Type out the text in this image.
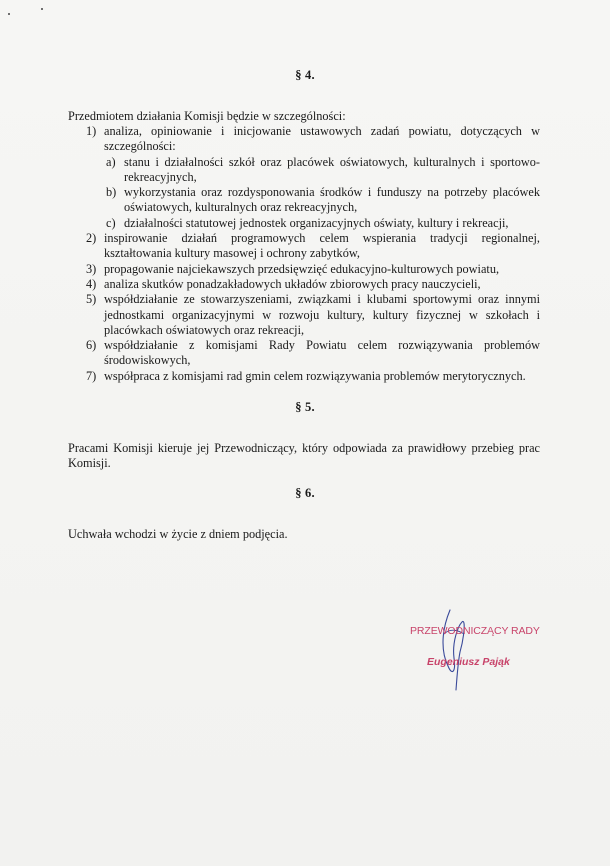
§ 4.
Przedmiotem działania Komisji będzie w szczególności:
1) analiza, opiniowanie i inicjowanie ustawowych zadań powiatu, dotyczących w szczególności:
a) stanu i działalności szkół oraz placówek oświatowych, kulturalnych i sportowo-rekreacyjnych,
b) wykorzystania oraz rozdysponowania środków i funduszy na potrzeby placówek oświatowych, kulturalnych oraz rekreacyjnych,
c) działalności statutowej jednostek organizacyjnych oświaty, kultury i rekreacji,
2) inspirowanie działań programowych celem wspierania tradycji regionalnej, kształtowania kultury masowej i ochrony zabytków,
3) propagowanie najciekawszych przedsięwzięć edukacyjno-kulturowych powiatu,
4) analiza skutków ponadzakładowych układów zbiorowych pracy nauczycieli,
5) współdziałanie ze stowarzyszeniami, związkami i klubami sportowymi oraz innymi jednostkami organizacyjnymi w rozwoju kultury, kultury fizycznej w szkołach i placówkach oświatowych oraz rekreacji,
6) współdziałanie z komisjami Rady Powiatu celem rozwiązywania problemów środowiskowych,
7) współpraca z komisjami rad gmin celem rozwiązywania problemów merytorycznych.
§ 5.
Pracami Komisji kieruje jej Przewodniczący, który odpowiada za prawidłowy przebieg prac Komisji.
§ 6.
Uchwała wchodzi w życie z dniem podjęcia.
PRZEWODNICZĄCY RADY
Eugeniusz Pająk
